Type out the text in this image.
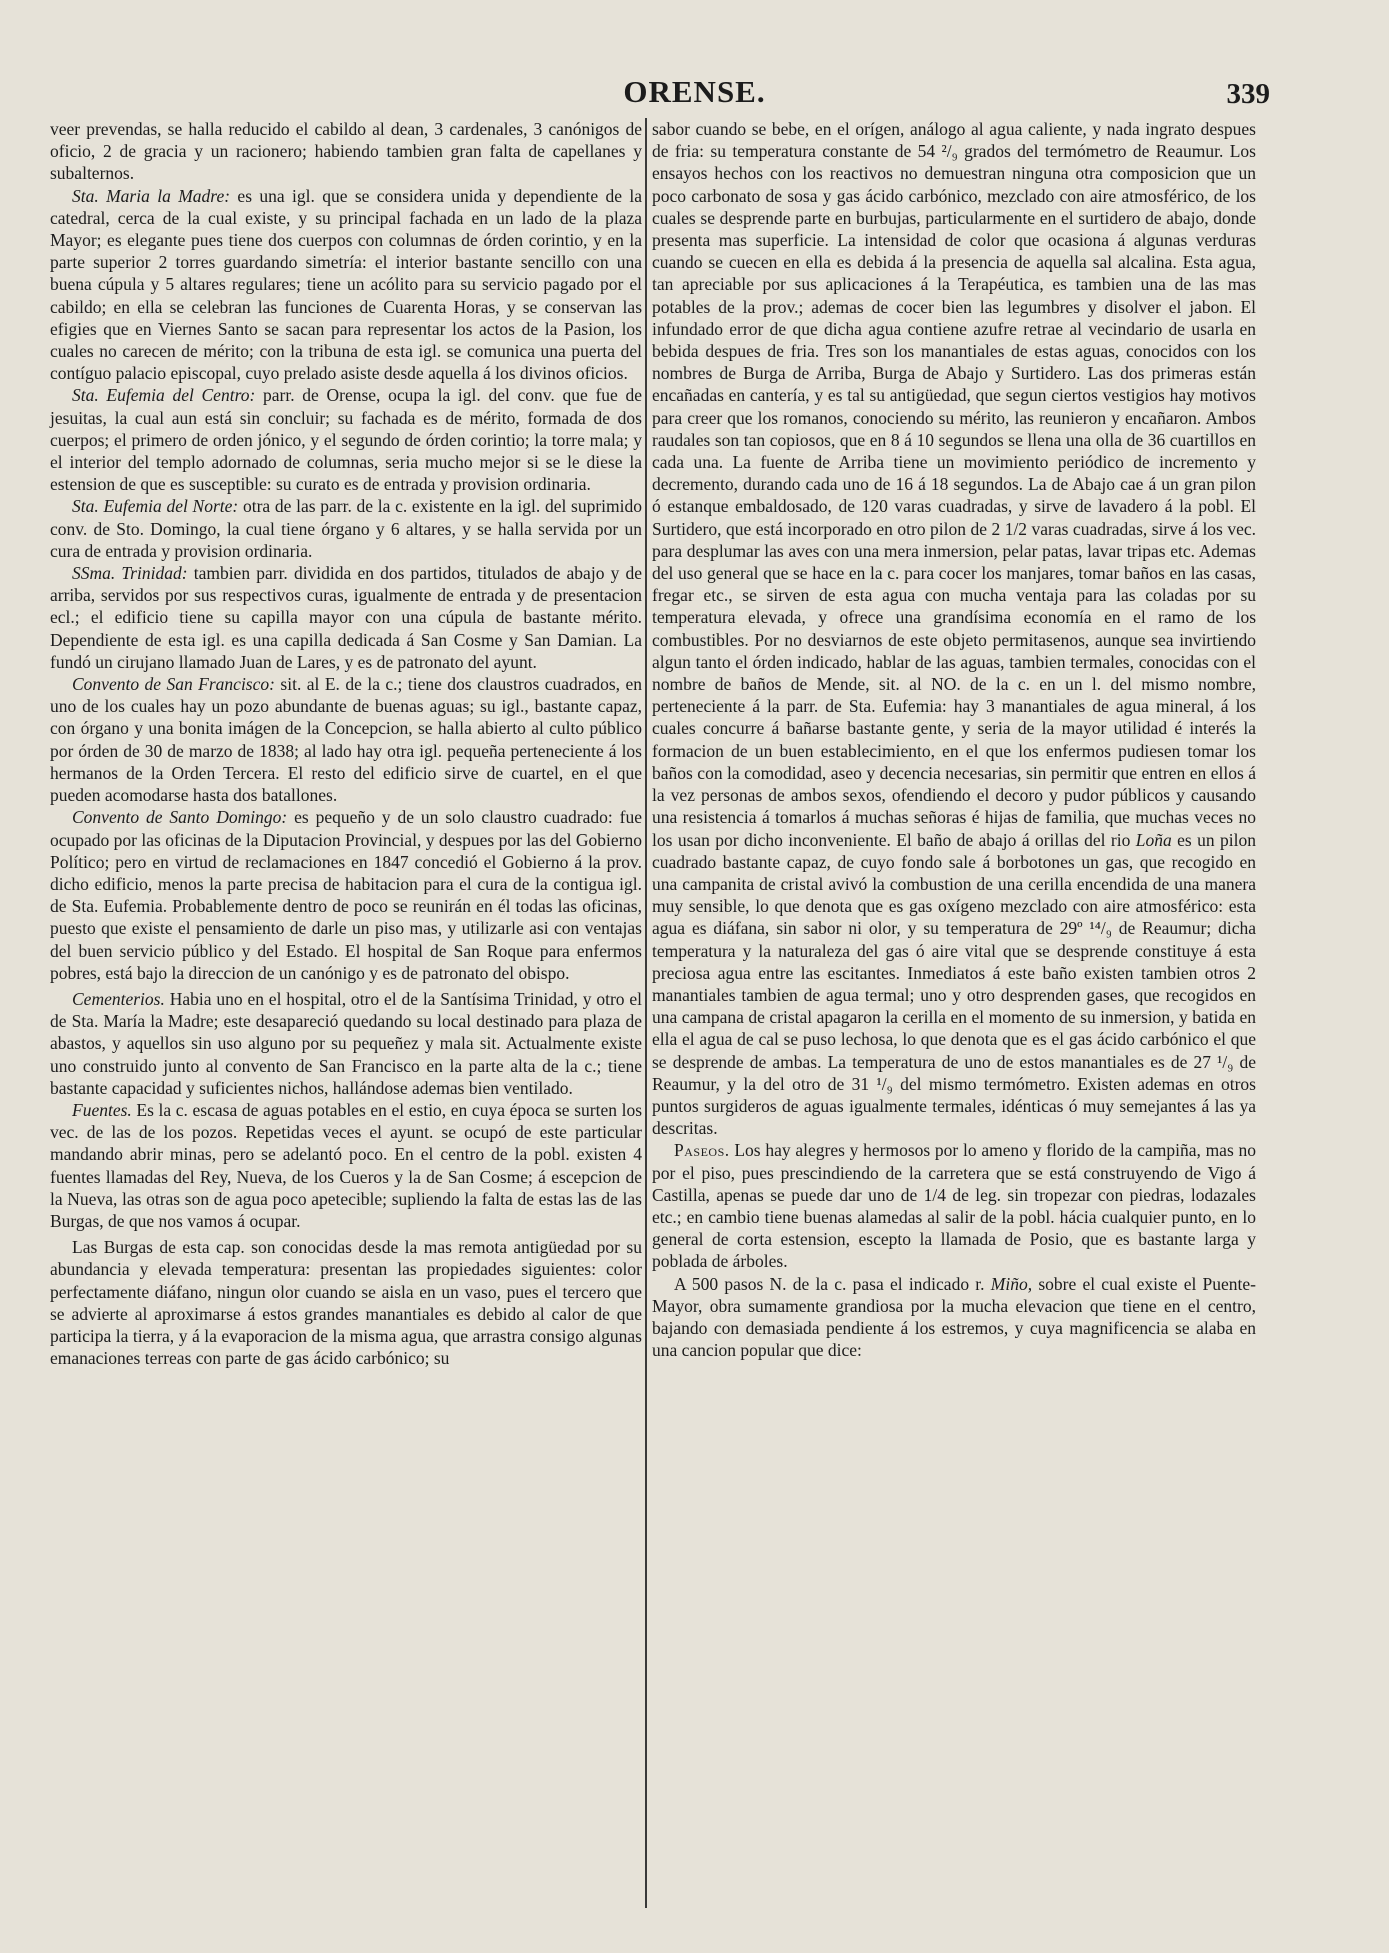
ORENSE.	339

veer prevendas, se halla reducido el cabildo al dean, 3 cardenales, 3 canónigos de oficio, 2 de gracia y un racionero; habiendo tambien gran falta de capellanes y subalternos.

Sta. Maria la Madre: es una igl. que se considera unida y dependiente de la catedral, cerca de la cual existe, y su principal fachada en un lado de la plaza Mayor; es elegante pues tiene dos cuerpos con columnas de órden corintio, y en la parte superior 2 torres guardando simetría: el interior bastante sencillo con una buena cúpula y 5 altares regulares; tiene un acólito para su servicio pagado por el cabildo; en ella se celebran las funciones de Cuarenta Horas, y se conservan las efigies que en Viernes Santo se sacan para representar los actos de la Pasion, los cuales no carecen de mérito; con la tribuna de esta igl. se comunica una puerta del contíguo palacio episcopal, cuyo prelado asiste desde aquella á los divinos oficios.

Sta. Eufemia del Centro: parr. de Orense, ocupa la igl. del conv. que fue de jesuitas, la cual aun está sin concluir; su fachada es de mérito, formada de dos cuerpos; el primero de orden jónico, y el segundo de órden corintio; la torre mala; y el interior del templo adornado de columnas, seria mucho mejor si se le diese la estension de que es susceptible: su curato es de entrada y provision ordinaria.

Sta. Eufemia del Norte: otra de las parr. de la c. existente en la igl. del suprimido conv. de Sto. Domingo, la cual tiene órgano y 6 altares, y se halla servida por un cura de entrada y provision ordinaria.

SSma. Trinidad: tambien parr. dividida en dos partidos, titulados de abajo y de arriba, servidos por sus respectivos curas, igualmente de entrada y de presentacion ecl.; el edificio tiene su capilla mayor con una cúpula de bastante mérito. Dependiente de esta igl. es una capilla dedicada á San Cosme y San Damian. La fundó un cirujano llamado Juan de Lares, y es de patronato del ayunt.

Convento de San Francisco: sit. al E. de la c.; tiene dos claustros cuadrados, en uno de los cuales hay un pozo abundante de buenas aguas; su igl., bastante capaz, con órgano y una bonita imágen de la Concepcion, se halla abierto al culto público por órden de 30 de marzo de 1838; al lado hay otra igl. pequeña perteneciente á los hermanos de la Orden Tercera. El resto del edificio sirve de cuartel, en el que pueden acomodarse hasta dos batallones.

Convento de Santo Domingo: es pequeño y de un solo claustro cuadrado: fue ocupado por las oficinas de la Diputacion Provincial, y despues por las del Gobierno Político; pero en virtud de reclamaciones en 1847 concedió el Gobierno á la prov. dicho edificio, menos la parte precisa de habitacion para el cura de la contigua igl. de Sta. Eufemia. Probablemente dentro de poco se reunirán en él todas las oficinas, puesto que existe el pensamiento de darle un piso mas, y utilizarle asi con ventajas del buen servicio público y del Estado. El hospital de San Roque para enfermos pobres, está bajo la direccion de un canónigo y es de patronato del obispo.

Cementerios. Habia uno en el hospital, otro el de la Santísima Trinidad, y otro el de Sta. María la Madre; este desapareció quedando su local destinado para plaza de abastos, y aquellos sin uso alguno por su pequeñez y mala sit. Actualmente existe uno construido junto al convento de San Francisco en la parte alta de la c.; tiene bastante capacidad y suficientes nichos, hallándose ademas bien ventilado.

Fuentes. Es la c. escasa de aguas potables en el estio, en cuya época se surten los vec. de las de los pozos. Repetidas veces el ayunt. se ocupó de este particular mandando abrir minas, pero se adelantó poco. En el centro de la pobl. existen 4 fuentes llamadas del Rey, Nueva, de los Cueros y la de San Cosme; á escepcion de la Nueva, las otras son de agua poco apetecible; supliendo la falta de estas las de las Burgas, de que nos vamos á ocupar.

Las Burgas de esta cap. son conocidas desde la mas remota antigüedad por su abundancia y elevada temperatura: presentan las propiedades siguientes: color perfectamente diáfano, ningun olor cuando se aisla en un vaso, pues el tercero que se advierte al aproximarse á estos grandes manantiales es debido al calor de que participa la tierra, y á la evaporacion de la misma agua, que arrastra consigo algunas emanaciones terreas con parte de gas ácido carbónico; su

sabor cuando se bebe, en el orígen, análogo al agua caliente, y nada ingrato despues de fria: su temperatura constante de 54 ²/₉ grados del termómetro de Reaumur. Los ensayos hechos con los reactivos no demuestran ninguna otra composicion que un poco carbonato de sosa y gas ácido carbónico, mezclado con aire atmosférico, de los cuales se desprende parte en burbujas, particularmente en el surtidero de abajo, donde presenta mas superficie. La intensidad de color que ocasiona á algunas verduras cuando se cuecen en ella es debida á la presencia de aquella sal alcalina. Esta agua, tan apreciable por sus aplicaciones á la Terapéutica, es tambien una de las mas potables de la prov.; ademas de cocer bien las legumbres y disolver el jabon. El infundado error de que dicha agua contiene azufre retrae al vecindario de usarla en bebida despues de fria. Tres son los manantiales de estas aguas, conocidos con los nombres de Burga de Arriba, Burga de Abajo y Surtidero. Las dos primeras están encañadas en cantería, y es tal su antigüedad, que segun ciertos vestigios hay motivos para creer que los romanos, conociendo su mérito, las reunieron y encañaron. Ambos raudales son tan copiosos, que en 8 á 10 segundos se llena una olla de 36 cuartillos en cada una. La fuente de Arriba tiene un movimiento periódico de incremento y decremento, durando cada uno de 16 á 18 segundos. La de Abajo cae á un gran pilon ó estanque embaldosado, de 120 varas cuadradas, y sirve de lavadero á la pobl. El Surtidero, que está incorporado en otro pilon de 2 1/2 varas cuadradas, sirve á los vec. para desplumar las aves con una mera inmersion, pelar patas, lavar tripas etc. Ademas del uso general que se hace en la c. para cocer los manjares, tomar baños en las casas, fregar etc., se sirven de esta agua con mucha ventaja para las coladas por su temperatura elevada, y ofrece una grandísima economía en el ramo de los combustibles. Por no desviarnos de este objeto permitasenos, aunque sea invirtiendo algun tanto el órden indicado, hablar de las aguas, tambien termales, conocidas con el nombre de baños de Mende, sit. al NO. de la c. en un l. del mismo nombre, perteneciente á la parr. de Sta. Eufemia: hay 3 manantiales de agua mineral, á los cuales concurre á bañarse bastante gente, y seria de la mayor utilidad é interés la formacion de un buen establecimiento, en el que los enfermos pudiesen tomar los baños con la comodidad, aseo y decencia necesarias, sin permitir que entren en ellos á la vez personas de ambos sexos, ofendiendo el decoro y pudor públicos y causando una resistencia á tomarlos á muchas señoras é hijas de familia, que muchas veces no los usan por dicho inconveniente. El baño de abajo á orillas del rio Loña es un pilon cuadrado bastante capaz, de cuyo fondo sale á borbotones un gas, que recogido en una campanita de cristal avivó la combustion de una cerilla encendida de una manera muy sensible, lo que denota que es gas oxígeno mezclado con aire atmosférico: esta agua es diáfana, sin sabor ni olor, y su temperatura de 29º ¹⁴/₉ de Reaumur; dicha temperatura y la naturaleza del gas ó aire vital que se desprende constituye á esta preciosa agua entre las escitantes. Inmediatos á este baño existen tambien otros 2 manantiales tambien de agua termal; uno y otro desprenden gases, que recogidos en una campana de cristal apagaron la cerilla en el momento de su inmersion, y batida en ella el agua de cal se puso lechosa, lo que denota que es el gas ácido carbónico el que se desprende de ambas. La temperatura de uno de estos manantiales es de 27 ¹/₉ de Reaumur, y la del otro de 31 ¹/₉ del mismo termómetro. Existen ademas en otros puntos surgideros de aguas igualmente termales, idénticas ó muy semejantes á las ya descritas.

Paseos. Los hay alegres y hermosos por lo ameno y florido de la campiña, mas no por el piso, pues prescindiendo de la carretera que se está construyendo de Vigo á Castilla, apenas se puede dar uno de 1/4 de leg. sin tropezar con piedras, lodazales etc.; en cambio tiene buenas alamedas al salir de la pobl. hácia cualquier punto, en lo general de corta estension, escepto la llamada de Posio, que es bastante larga y poblada de árboles.

A 500 pasos N. de la c. pasa el indicado r. Miño, sobre el cual existe el Puente-Mayor, obra sumamente grandiosa por la mucha elevacion que tiene en el centro, bajando con demasiada pendiente á los estremos, y cuya magnificencia se alaba en una cancion popular que dice:
